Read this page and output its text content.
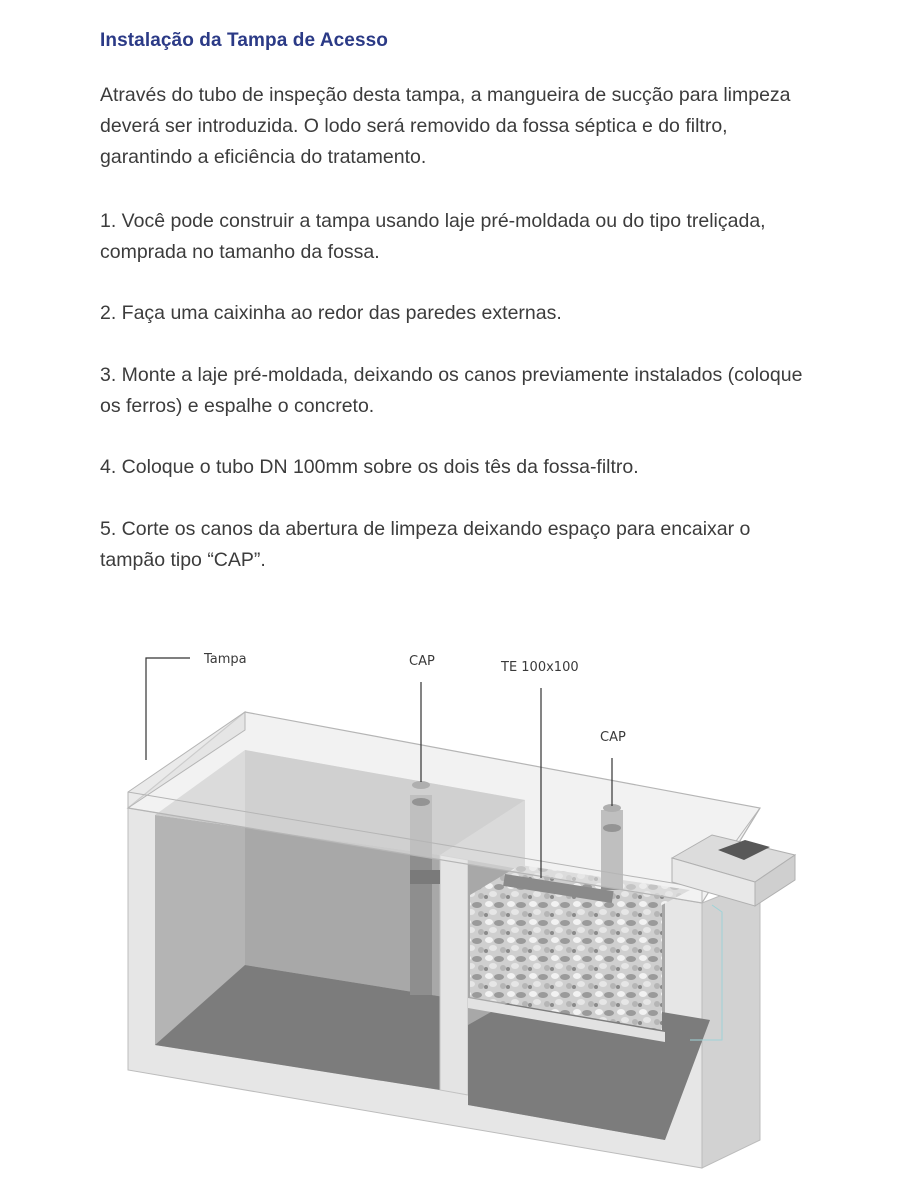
Instalação da Tampa de Acesso

Através do tubo de inspeção desta tampa, a mangueira de sucção para limpeza deverá ser introduzida. O lodo será removido da fossa séptica e do filtro, garantindo a eficiência do tratamento.

1. Você pode construir a tampa usando laje pré-moldada ou do tipo treliçada, comprada no tamanho da fossa.

2. Faça uma caixinha ao redor das paredes externas.

3. Monte a laje pré-moldada, deixando os canos previamente instalados (coloque os ferros) e espalhe o concreto.

4. Coloque o tubo DN 100mm sobre os dois tês da fossa-filtro.

5. Corte os canos da abertura de limpeza deixando espaço para encaixar o tampão tipo “CAP”.

Tampa	CAP	TE 100x100
CAP
